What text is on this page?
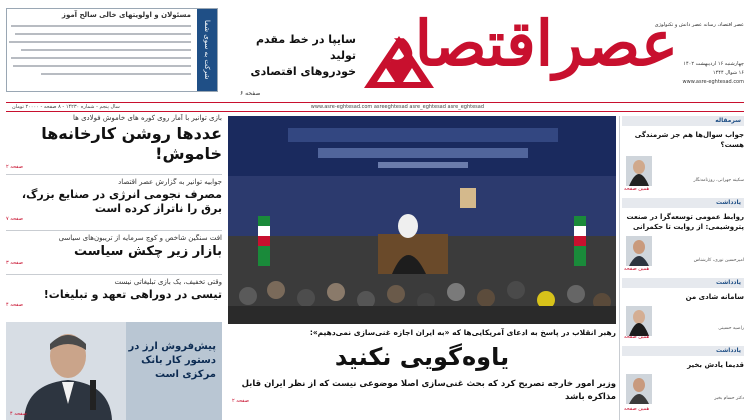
شرکت به سوی شما
مسئولان و اولویتهای خالی سالح آموز
سایپا در خط مقدم تولید
خودروهای اقتصادی
صفحه ۶
عصراقتصاد
عصر اقتصاد، رسانه عصر دانش و تکنولوژی
چهارشنبه ۱۶ اردیبهشت ۱۴۰۲
۱۶ شوال ۱۴۴۴
www.asre-eghtesad.com
سال پنجم - شماره ۱۴۲۳۰ - ۸ صفحه - ۲۰۰۰۰ تومان	www.asre-eghtesad.com asreeghtesad asre_eghtesad asre_eghtesad
بازی توانیر با آمار روی کوره های خاموش فولادی ها
عددها روشن کارخانه‌ها خاموش!
صفحه ۲
جوابیه توانیر به گزارش عصر اقتصاد
مصرف نجومی انرژی در صنایع بزرگ، برق را ناتراز کرده است
صفحه ۷
افت سنگین شاخص و کوچ سرمایه از تریبون‌های سیاسی
بازار زیر چکش سیاست
صفحه ۳
وقتی تخفیف، یک بازی تبلیغاتی نیست
تیسی در دوراهی تعهد و تبلیغات!
صفحه ۴
پیش‌فروش ارز در دستور کار بانک مرکزی است
صفحه ۴
رهبر انقلاب در پاسخ به ادعای آمریکایی‌ها که «به ایران اجازه غنی‌سازی نمی‌دهیم»:
یاوه‌گویی نکنید
وزیر امور خارجه تصریح کرد که بحث غنی‌سازی اصلا موضوعی نیست که از نظر ایران قابل مذاکره باشد
صفحه ۲
سرمقاله
جواب سوال‌ها هم جز شرمندگی هست؟
سکینه جهرانی، روزنامه‌نگار
همین صفحه
یادداشت
روابط عمومی توسعه‌گرا در صنعت پتروشیمی: از روایت تا حکمرانی
امیرحسین نوری، کارشناس
همین صفحه
یادداشت
سامانه شادی من
راضیه حسینی
همین صفحه
یادداشت
قدیما یادش بخیر
دکتر حسام بخیر
همین صفحه
